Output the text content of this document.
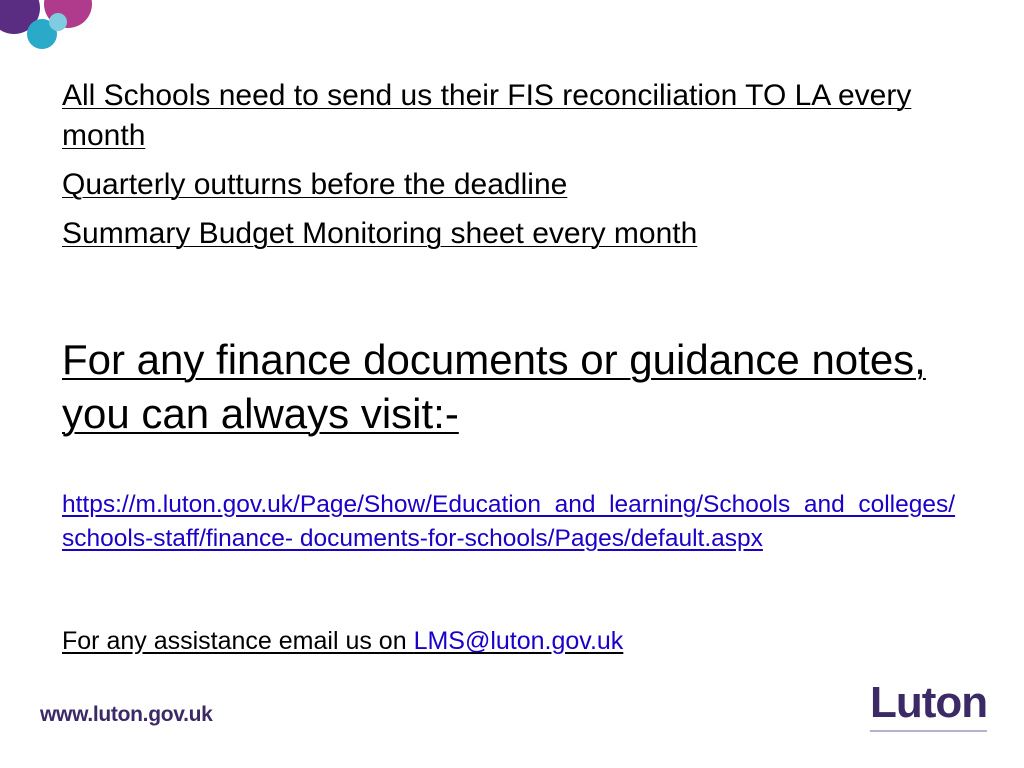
All Schools need to send us their FIS reconciliation TO LA every month
Quarterly outturns before the deadline
Summary Budget Monitoring sheet every month
For any finance documents or guidance notes, you can always visit:-
https://m.luton.gov.uk/Page/Show/Education_and_learning/Schools_and_colleges/schools-staff/finance- documents-for-schools/Pages/default.aspx
For any assistance email us on LMS@luton.gov.uk
www.luton.gov.uk	Luton
